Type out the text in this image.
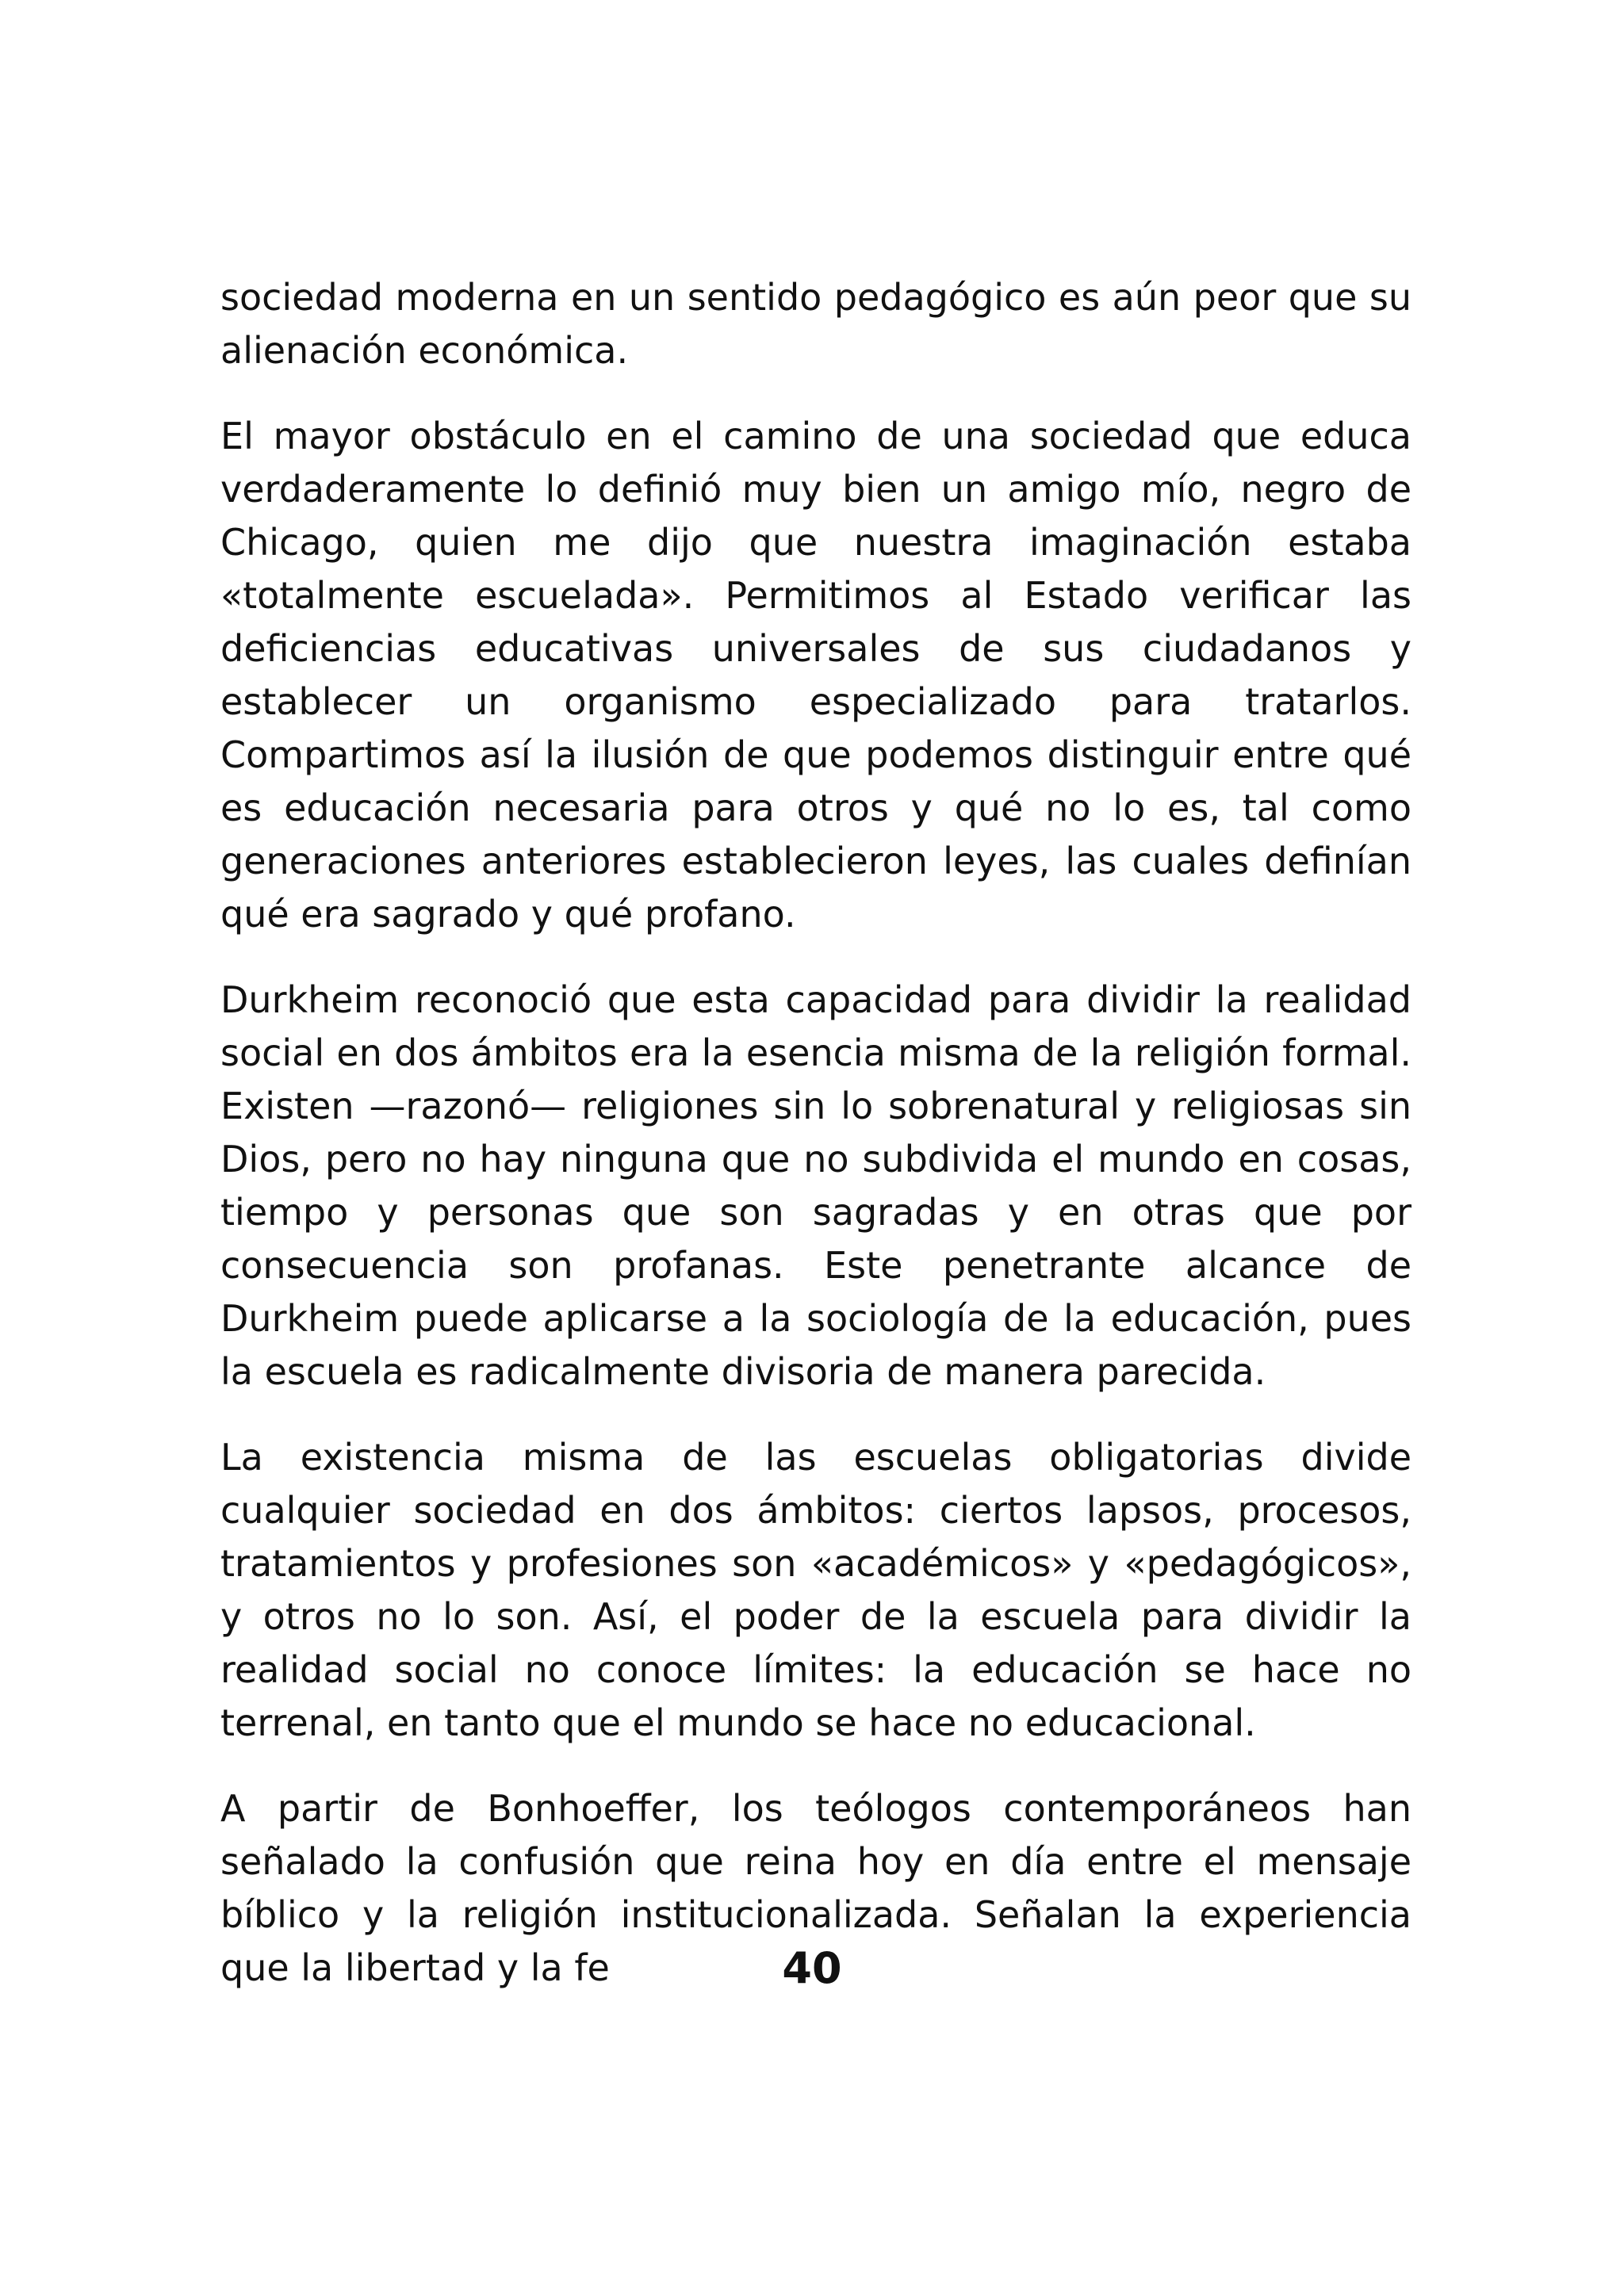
sociedad moderna en un sentido pedagógico es aún peor que su alienación económica.

El mayor obstáculo en el camino de una sociedad que educa verdaderamente lo definió muy bien un amigo mío, negro de Chicago, quien me dijo que nuestra imaginación estaba «totalmente escuelada». Permitimos al Estado verificar las deficiencias educativas universales de sus ciudadanos y establecer un organismo especializado para tratarlos. Compartimos así la ilusión de que podemos distinguir entre qué es educación necesaria para otros y qué no lo es, tal como generaciones anteriores establecieron leyes, las cuales definían qué era sagrado y qué profano.

Durkheim reconoció que esta capacidad para dividir la realidad social en dos ámbitos era la esencia misma de la religión formal. Existen —razonó— religiones sin lo sobrenatural y religiosas sin Dios, pero no hay ninguna que no subdivida el mundo en cosas, tiempo y personas que son sagradas y en otras que por consecuencia son profanas. Este penetrante alcance de Durkheim puede aplicarse a la sociología de la educación, pues la escuela es radicalmente divisoria de manera parecida.

La existencia misma de las escuelas obligatorias divide cualquier sociedad en dos ámbitos: ciertos lapsos, procesos, tratamientos y profesiones son «académicos» y «pedagógicos», y otros no lo son. Así, el poder de la escuela para dividir la realidad social no conoce límites: la educación se hace no terrenal, en tanto que el mundo se hace no educacional.

A partir de Bonhoeffer, los teólogos contemporáneos han señalado la confusión que reina hoy en día entre el mensaje bíblico y la religión institucionalizada. Señalan la experiencia que la libertad y la fe	40
